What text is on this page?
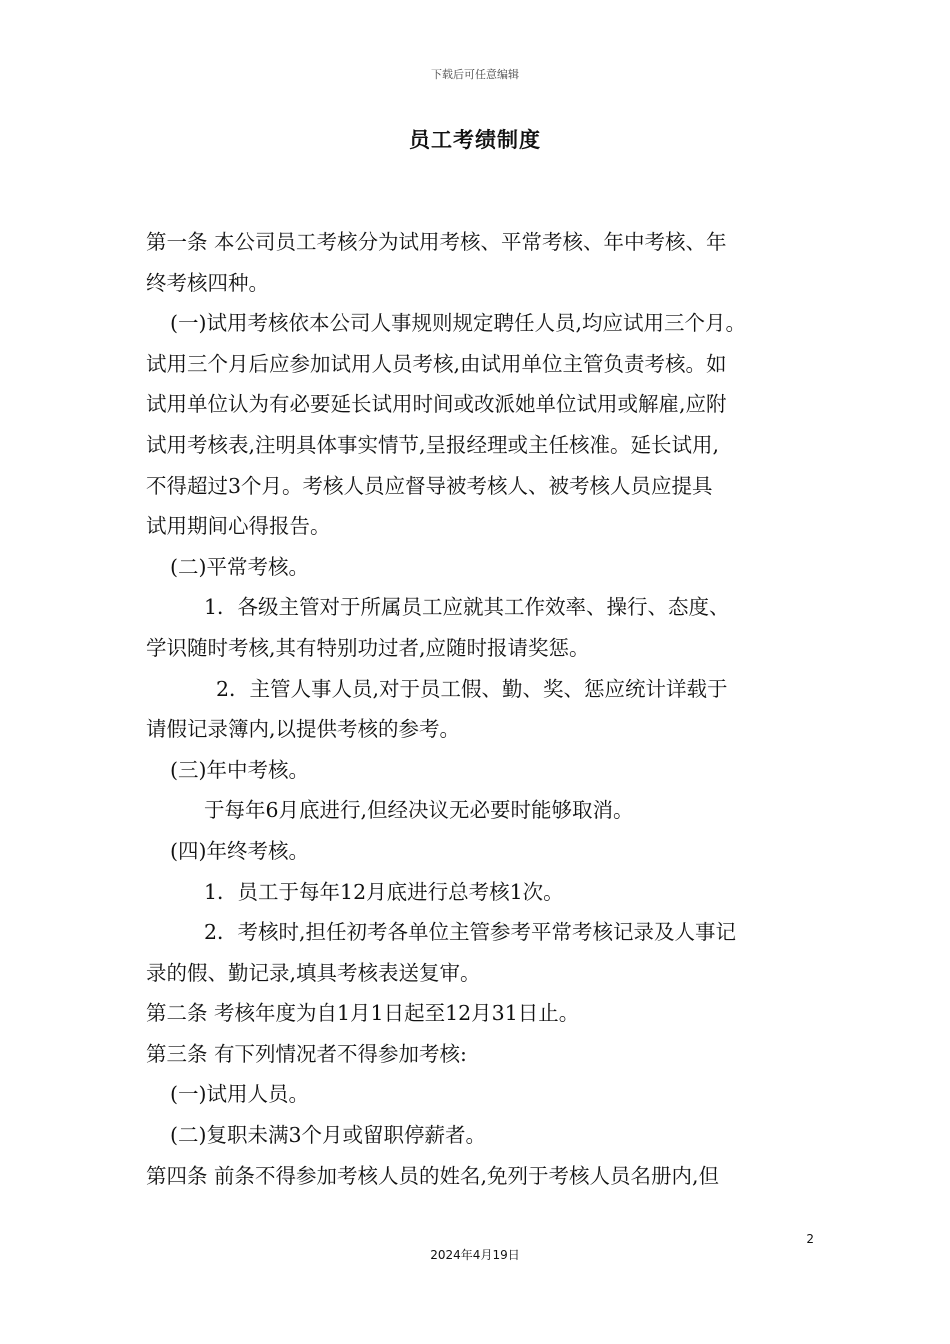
下载后可任意编辑
员工考绩制度
第一条 本公司员工考核分为试用考核、平常考核、年中考核、年
终考核四种。
(一)试用考核依本公司人事规则规定聘任人员,均应试用三个月。
试用三个月后应参加试用人员考核,由试用单位主管负责考核。如
试用单位认为有必要延长试用时间或改派她单位试用或解雇,应附
试用考核表,注明具体事实情节,呈报经理或主任核准。延长试用,
不得超过3个月。考核人员应督导被考核人、被考核人员应提具
试用期间心得报告。
(二)平常考核。
1．各级主管对于所属员工应就其工作效率、操行、态度、
学识随时考核,其有特别功过者,应随时报请奖惩。
2．主管人事人员,对于员工假、勤、奖、惩应统计详载于
请假记录簿内,以提供考核的参考。
(三)年中考核。
于每年6月底进行,但经决议无必要时能够取消。
(四)年终考核。
1．员工于每年12月底进行总考核1次。
2．考核时,担任初考各单位主管参考平常考核记录及人事记
录的假、勤记录,填具考核表送复审。
第二条 考核年度为自1月1日起至12月31日止。
第三条 有下列情况者不得参加考核:
(一)试用人员。
(二)复职未满3个月或留职停薪者。
第四条 前条不得参加考核人员的姓名,免列于考核人员名册内,但
2
2024年4月19日
